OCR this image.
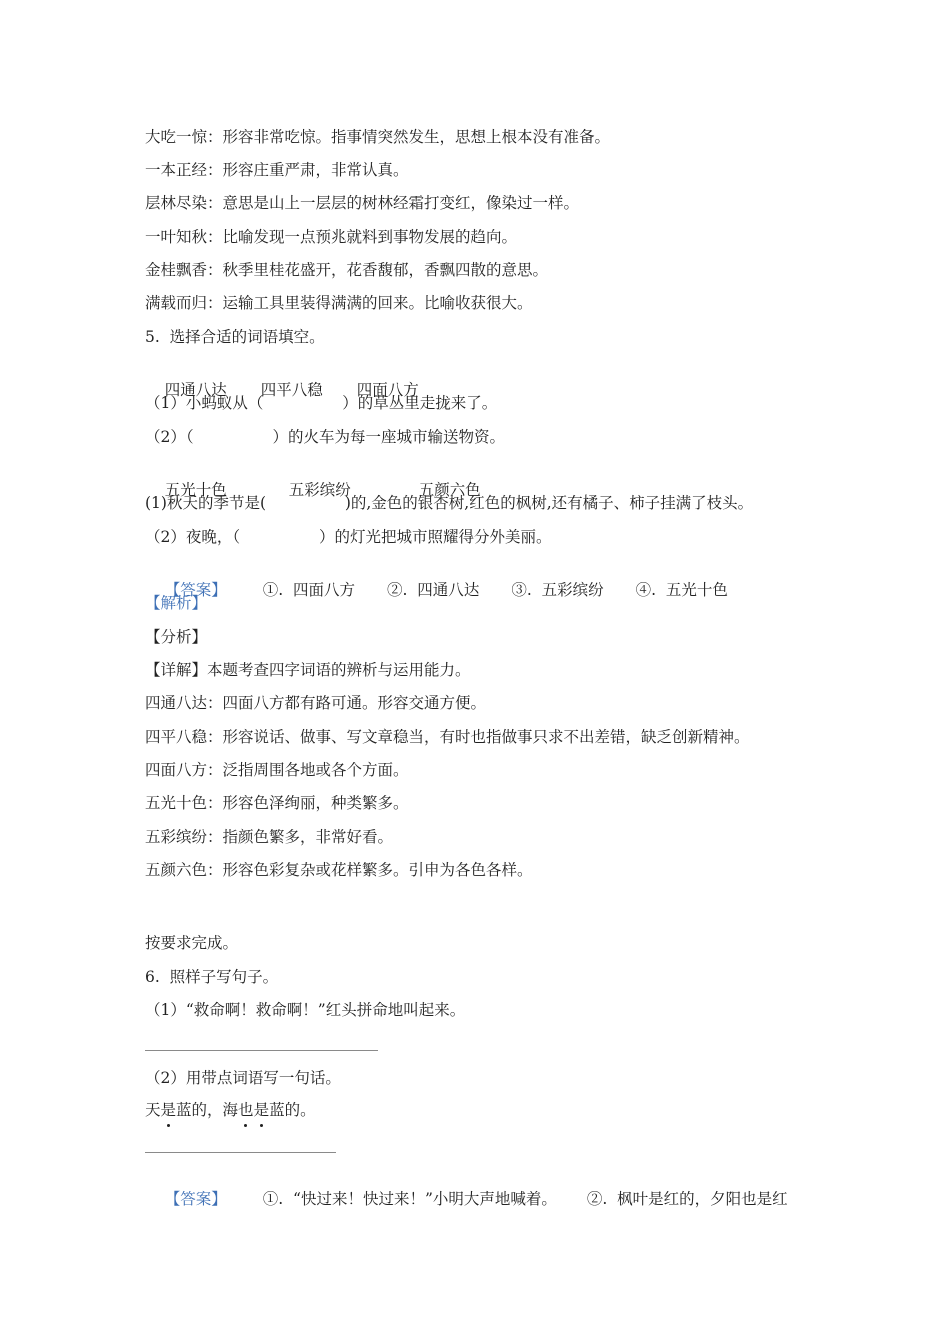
大吃一惊：形容非常吃惊。指事情突然发生，思想上根本没有准备。
一本正经：形容庄重严肃，非常认真。
层林尽染：意思是山上一层层的树林经霜打变红，像染过一样。
一叶知秋：比喻发现一点预兆就料到事物发展的趋向。
金桂飘香：秋季里桂花盛开，花香馥郁，香飘四散的意思。
满载而归：运输工具里装得满满的回来。比喻收获很大。
5.  选择合适的词语填空。

四通八达 四平八稳 四面八方

（1）小蚂蚁从（                ）的草丛里走拢来了。
（2）（                ）的火车为每一座城市输送物资。

五光十色	五彩缤纷	五颜六色

(1)秋天的季节是(                )的,金色的银杏树,红色的枫树,还有橘子、柿子挂满了枝头。
（2）夜晚，（                ）的灯光把城市照耀得分外美丽。

【答案】 ①.  四面八方 ②.  四通八达 ③.  五彩缤纷 ④.  五光十色

【解析】
【分析】
【详解】本题考查四字词语的辨析与运用能力。
四通八达：四面八方都有路可通。形容交通方便。
四平八稳：形容说话、做事、写文章稳当，有时也指做事只求不出差错，缺乏创新精神。
四面八方：泛指周围各地或各个方面。
五光十色：形容色泽绚丽，种类繁多。
五彩缤纷：指颜色繁多，非常好看。
五颜六色：形容色彩复杂或花样繁多。引申为各色各样。
按要求完成。
6.  照样子写句子。
（1）“救命啊！救命啊！”红头拼命地叫起来。
（2）用带点词语写一句话。
天是蓝的，海也是蓝的。

【答案】 ①.  “快过来！快过来！”小明大声地喊着。 ②.  枫叶是红的，夕阳也是红
